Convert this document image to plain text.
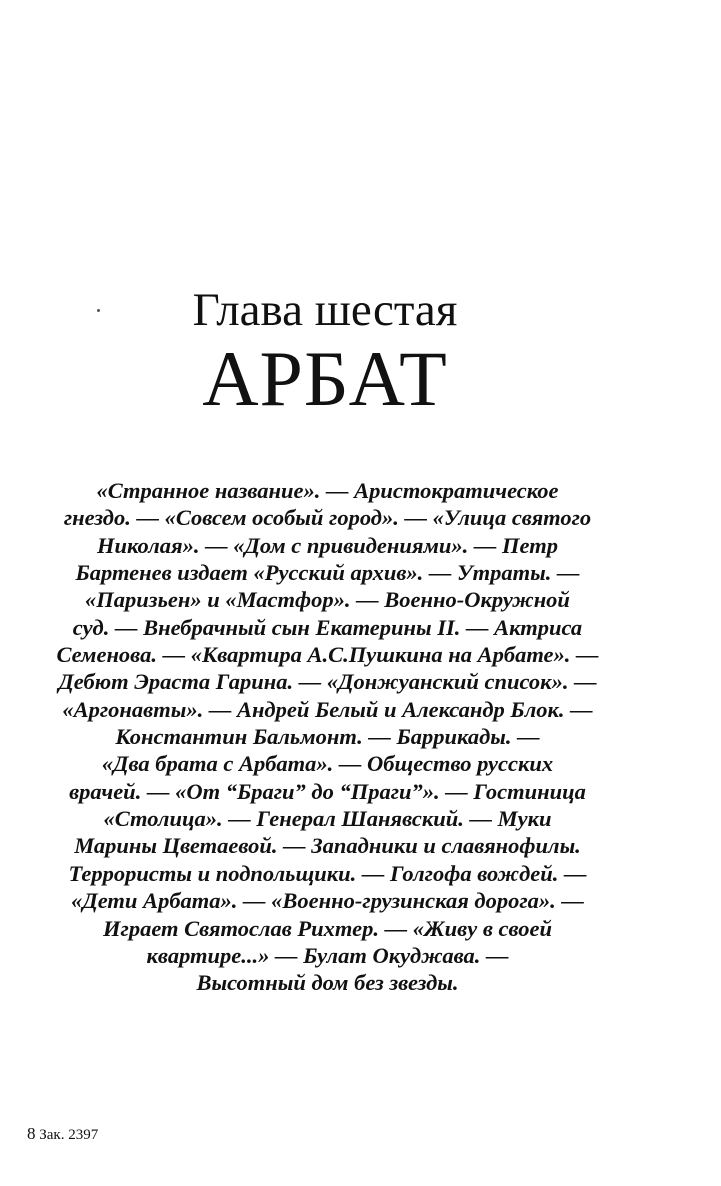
Глава шестая
АРБАТ
«Странное название». — Аристократическое
гнездо. — «Совсем особый город». — «Улица святого
Николая». — «Дом с привидениями». — Петр
Бартенев издает «Русский архив». — Утраты. —
«Паризьен» и «Мастфор». — Военно-Окружной
суд. — Внебрачный сын Екатерины II. — Актриса
Семенова. — «Квартира А.С.Пушкина на Арбате». —
Дебют Эраста Гарина. — «Донжуанский список». —
«Аргонавты». — Андрей Белый и Александр Блок. —
Константин Бальмонт. — Баррикады. —
«Два брата с Арбата». — Общество русских
врачей. — «От “Браги” до “Праги”». — Гостиница
«Столица». — Генерал Шанявский. — Муки
Марины Цветаевой. — Западники и славянофилы.
Террористы и подпольщики. — Голгофа вождей. —
«Дети Арбата». — «Военно-грузинская дорога». —
Играет Святослав Рихтер. — «Живу в своей
квартире...» — Булат Окуджава. —
Высотный дом без звезды.
8 Зак. 2397
